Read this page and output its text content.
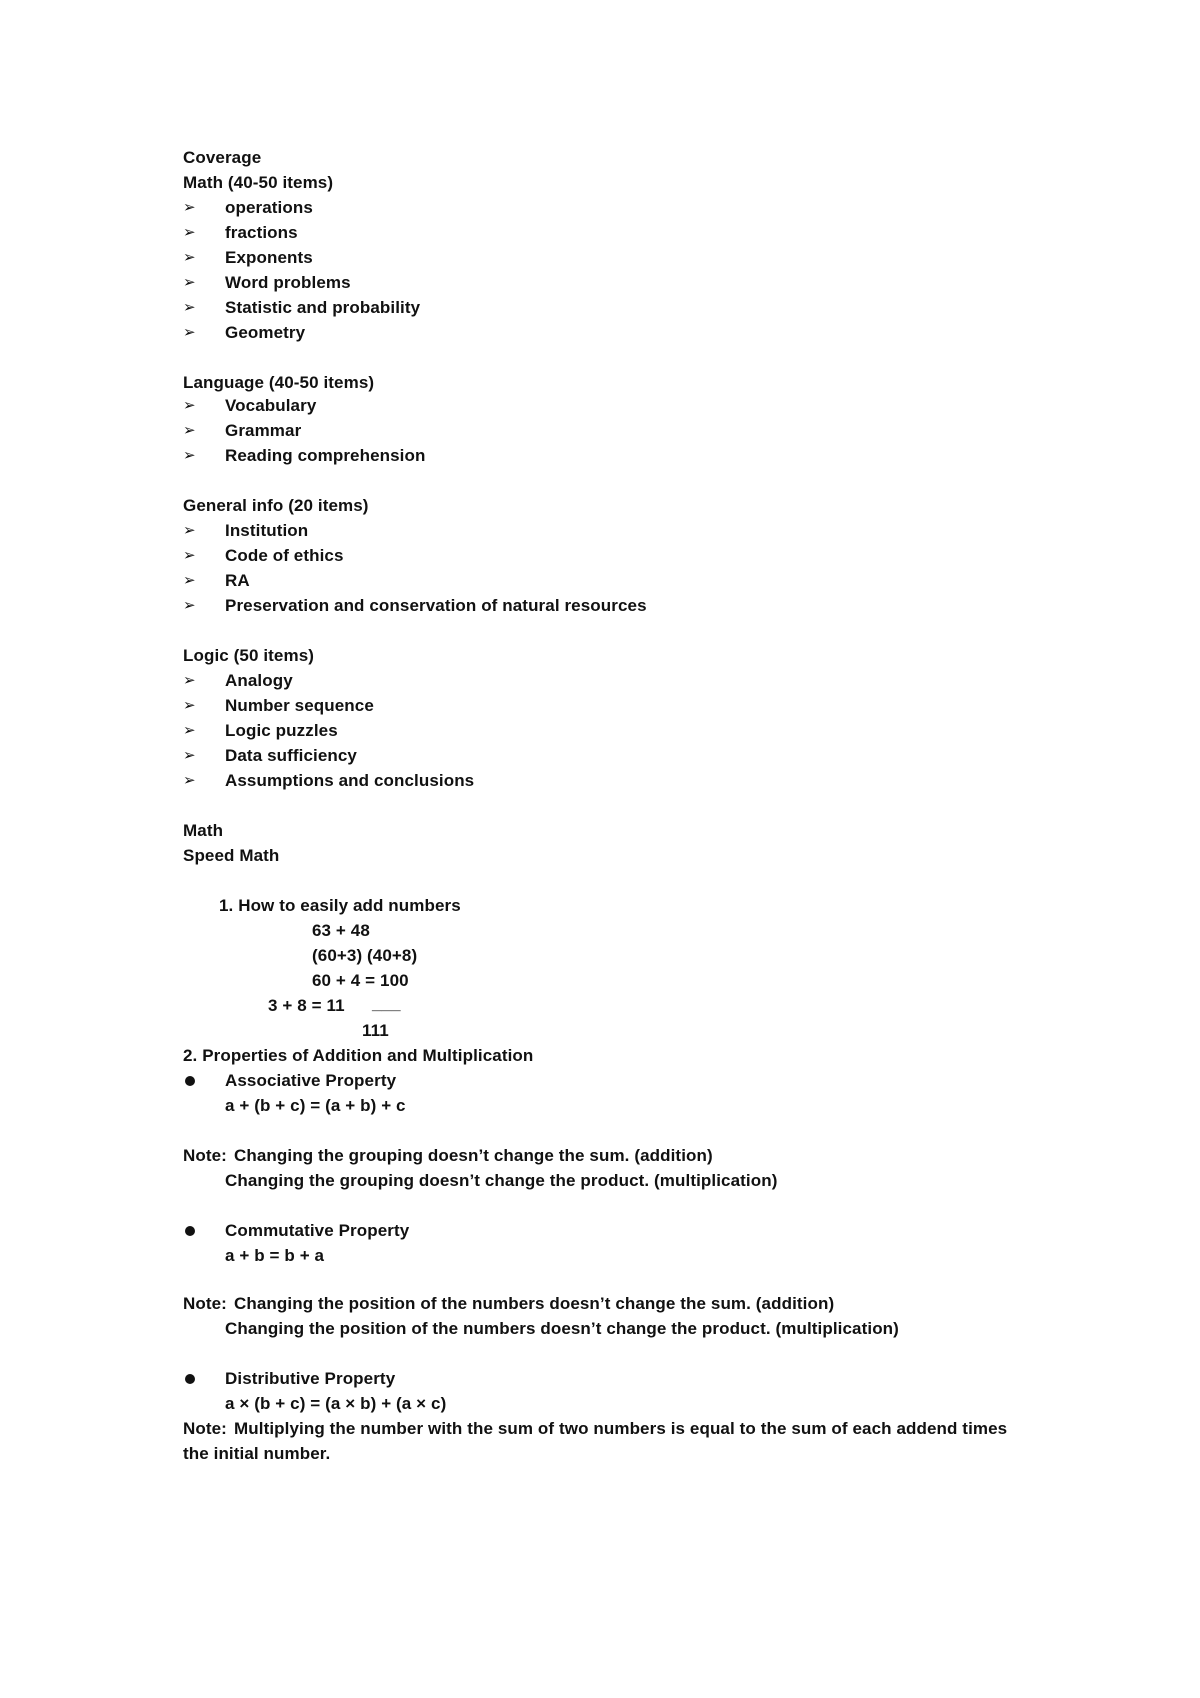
Coverage
Math (40-50 items)
➢	operations
➢	fractions
➢	Exponents
➢	Word problems
➢	Statistic and probability
➢	Geometry
Language (40-50 items)
➢	Vocabulary
➢	Grammar
➢	Reading comprehension
General info (20 items)
➢	Institution
➢	Code of ethics
➢	RA
➢	Preservation and conservation of natural resources
Logic (50 items)
➢	Analogy
➢	Number sequence
➢	Logic puzzles
➢	Data sufficiency
➢	Assumptions and conclusions
Math
Speed Math
1. How to easily add numbers
63 + 48
(60+3) (40+8)
60 + 4 = 100
3 + 8 = 11 ___
111
2. Properties of Addition and Multiplication
Associative Property
a + (b + c) = (a + b) + c
Note: Changing the grouping doesn’t change the sum. (addition)
Changing the grouping doesn’t change the product. (multiplication)
Commutative Property
a + b = b + a
Note: Changing the position of the numbers doesn’t change the sum. (addition)
Changing the position of the numbers doesn’t change the product. (multiplication)
Distributive Property
a × (b + c) = (a × b) + (a × c)
Note: Multiplying the number with the sum of two numbers is equal to the sum of each addend times
the initial number.
